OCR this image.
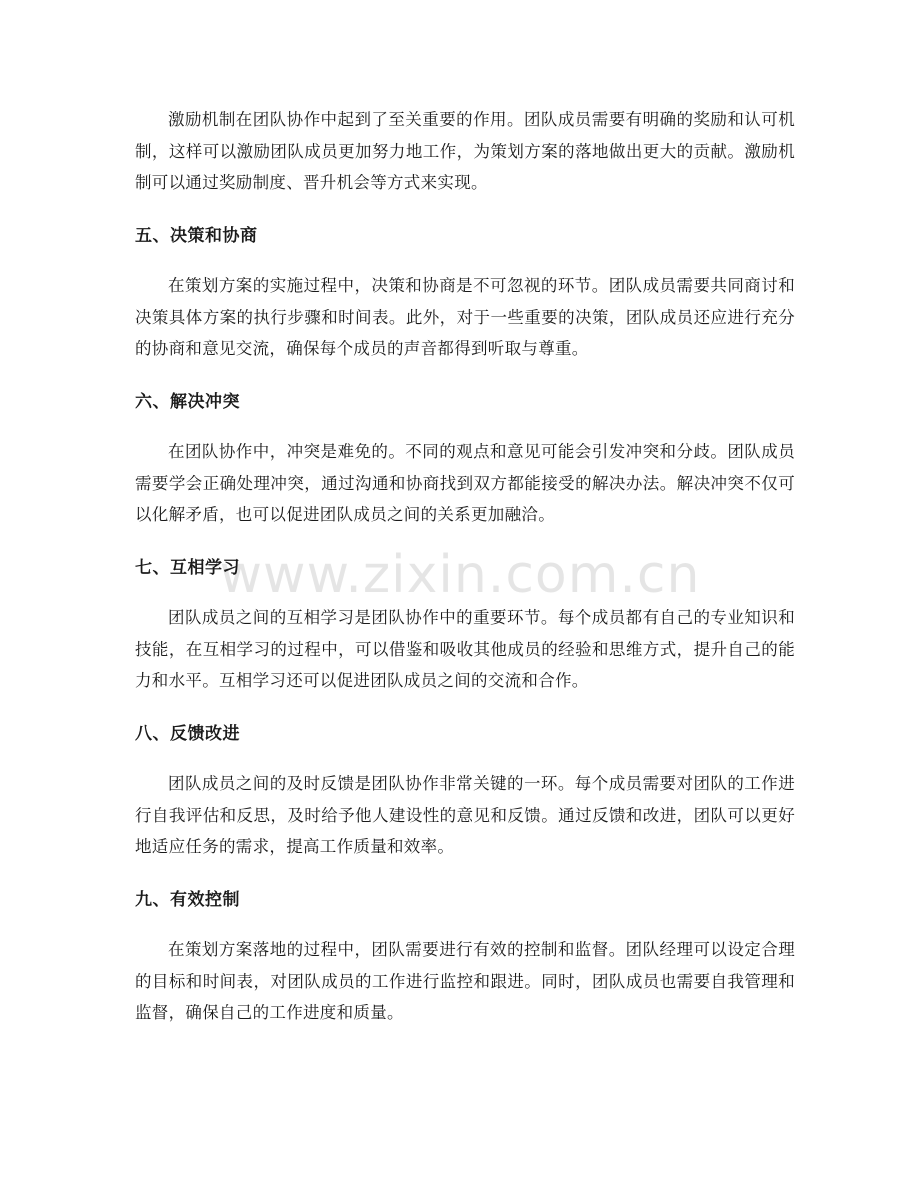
激励机制在团队协作中起到了至关重要的作用。团队成员需要有明确的奖励和认可机制，这样可以激励团队成员更加努力地工作，为策划方案的落地做出更大的贡献。激励机制可以通过奖励制度、晋升机会等方式来实现。

五、决策和协商

在策划方案的实施过程中，决策和协商是不可忽视的环节。团队成员需要共同商讨和决策具体方案的执行步骤和时间表。此外，对于一些重要的决策，团队成员还应进行充分的协商和意见交流，确保每个成员的声音都得到听取与尊重。

六、解决冲突

在团队协作中，冲突是难免的。不同的观点和意见可能会引发冲突和分歧。团队成员需要学会正确处理冲突，通过沟通和协商找到双方都能接受的解决办法。解决冲突不仅可以化解矛盾，也可以促进团队成员之间的关系更加融洽。

七、互相学习

团队成员之间的互相学习是团队协作中的重要环节。每个成员都有自己的专业知识和技能，在互相学习的过程中，可以借鉴和吸收其他成员的经验和思维方式，提升自己的能力和水平。互相学习还可以促进团队成员之间的交流和合作。

八、反馈改进

团队成员之间的及时反馈是团队协作非常关键的一环。每个成员需要对团队的工作进行自我评估和反思，及时给予他人建设性的意见和反馈。通过反馈和改进，团队可以更好地适应任务的需求，提高工作质量和效率。

九、有效控制

在策划方案落地的过程中，团队需要进行有效的控制和监督。团队经理可以设定合理的目标和时间表，对团队成员的工作进行监控和跟进。同时，团队成员也需要自我管理和监督，确保自己的工作进度和质量。

www.zixin.com.cn
